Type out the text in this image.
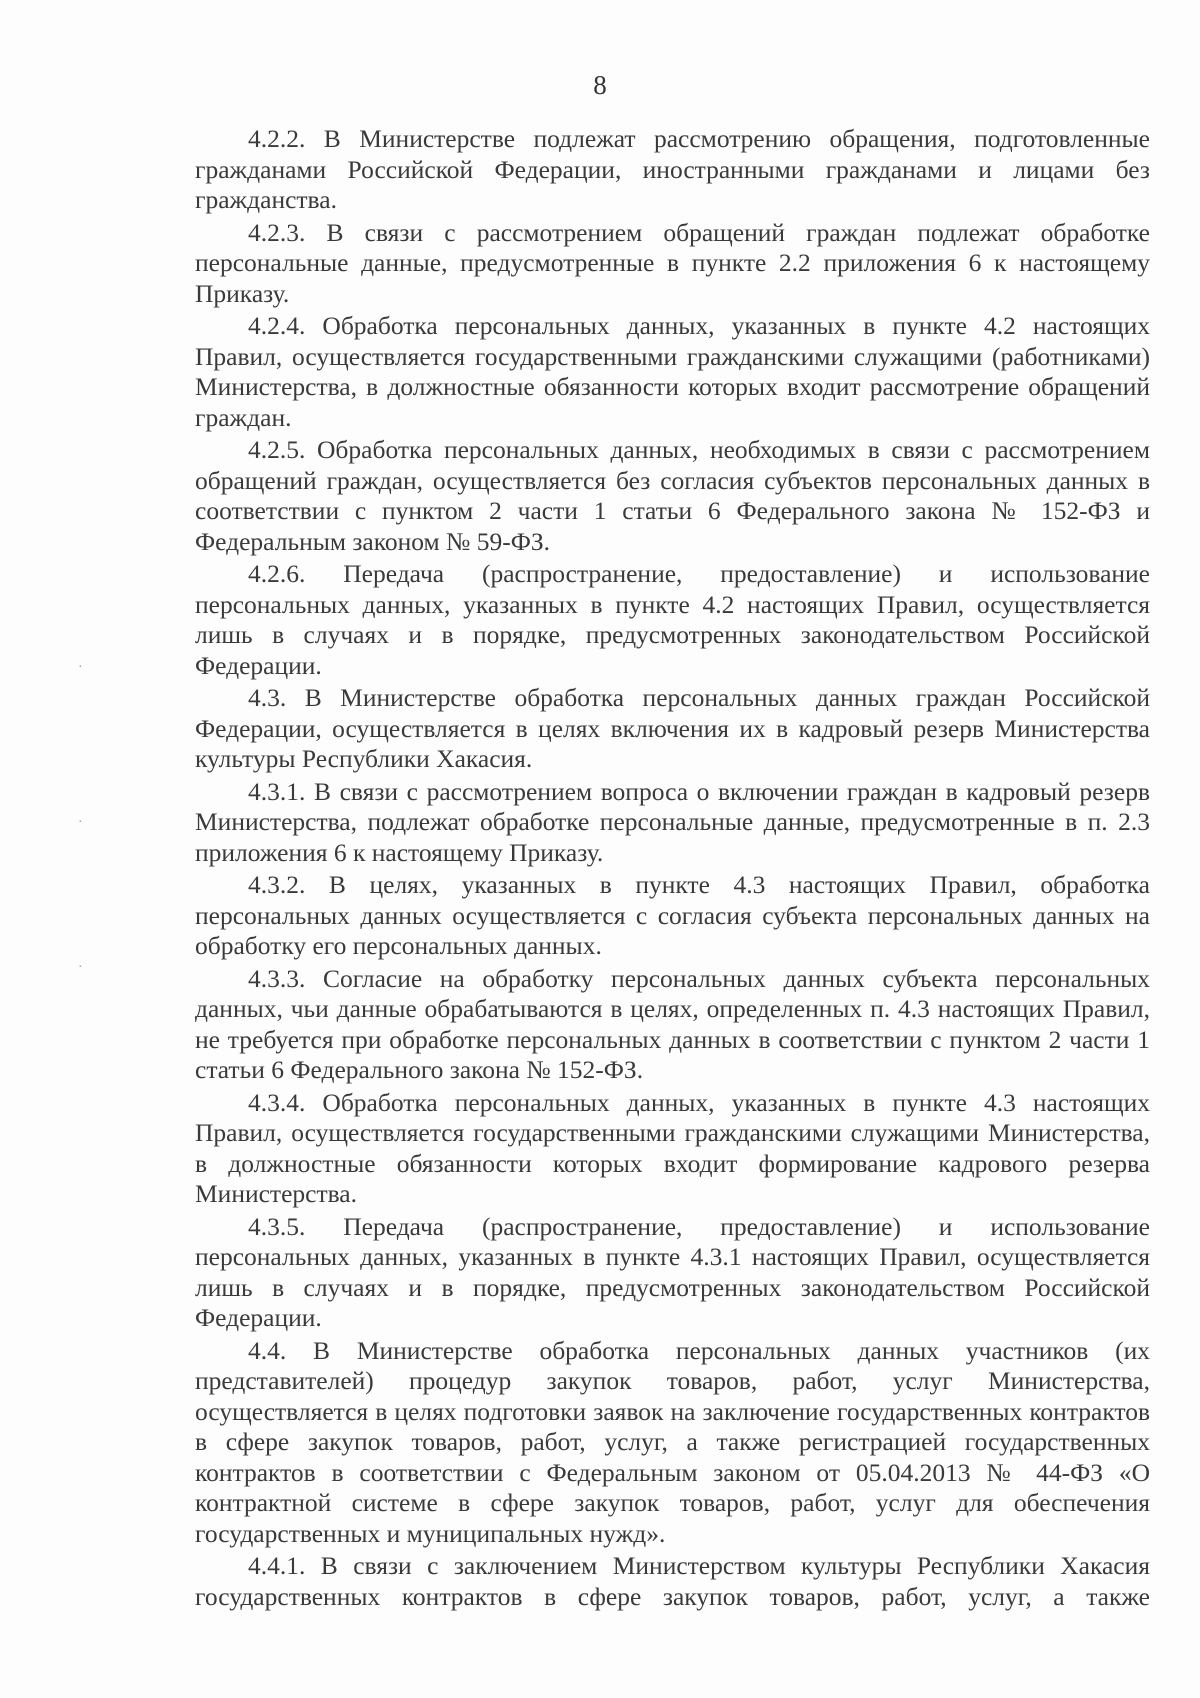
8

4.2.2. В Министерстве подлежат рассмотрению обращения, подготовленные гражданами Российской Федерации, иностранными гражданами и лицами без гражданства.

4.2.3. В связи с рассмотрением обращений граждан подлежат обработке персональные данные, предусмотренные в пункте 2.2 приложения 6 к настоящему Приказу.

4.2.4. Обработка персональных данных, указанных в пункте 4.2 настоящих Правил, осуществляется государственными гражданскими служащими (работниками) Министерства, в должностные обязанности которых входит рассмотрение обращений граждан.

4.2.5. Обработка персональных данных, необходимых в связи с рассмотрением обращений граждан, осуществляется без согласия субъектов персональных данных в соответствии с пунктом 2 части 1 статьи 6 Федерального закона № 152-ФЗ и Федеральным законом № 59-ФЗ.

4.2.6. Передача (распространение, предоставление) и использование персональных данных, указанных в пункте 4.2 настоящих Правил, осуществляется лишь в случаях и в порядке, предусмотренных законодательством Российской Федерации.

4.3. В Министерстве обработка персональных данных граждан Российской Федерации, осуществляется в целях включения их в кадровый резерв Министерства культуры Республики Хакасия.

4.3.1. В связи с рассмотрением вопроса о включении граждан в кадровый резерв Министерства, подлежат обработке персональные данные, предусмотренные в п. 2.3 приложения 6 к настоящему Приказу.

4.3.2. В целях, указанных в пункте 4.3 настоящих Правил, обработка персональных данных осуществляется с согласия субъекта персональных данных на обработку его персональных данных.

4.3.3. Согласие на обработку персональных данных субъекта персональных данных, чьи данные обрабатываются в целях, определенных п. 4.3 настоящих Правил, не требуется при обработке персональных данных в соответствии с пунктом 2 части 1 статьи 6 Федерального закона № 152-ФЗ.

4.3.4. Обработка персональных данных, указанных в пункте 4.3 настоящих Правил, осуществляется государственными гражданскими служащими Министерства, в должностные обязанности которых входит формирование кадрового резерва Министерства.

4.3.5. Передача (распространение, предоставление) и использование персональных данных, указанных в пункте 4.3.1 настоящих Правил, осуществляется лишь в случаях и в порядке, предусмотренных законодательством Российской Федерации.

4.4. В Министерстве обработка персональных данных участников (их представителей) процедур закупок товаров, работ, услуг Министерства, осуществляется в целях подготовки заявок на заключение государственных контрактов в сфере закупок товаров, работ, услуг, а также регистрацией государственных контрактов в соответствии с Федеральным законом от 05.04.2013 № 44-ФЗ «О контрактной системе в сфере закупок товаров, работ, услуг для обеспечения государственных и муниципальных нужд».

4.4.1. В связи с заключением Министерством культуры Республики Хакасия государственных контрактов в сфере закупок товаров, работ, услуг, а также

·
·
·
